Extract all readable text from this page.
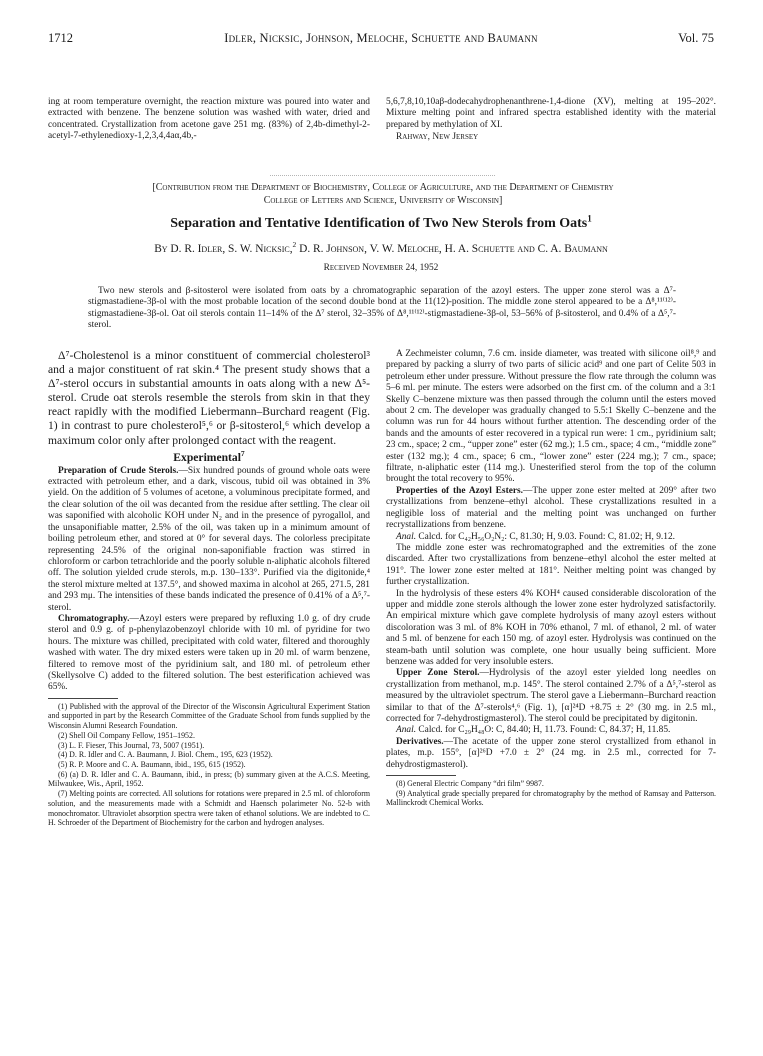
1712	Idler, Nicksic, Johnson, Meloche, Schuette and Baumann	Vol. 75

ing at room temperature overnight, the reaction mixture was poured into water and extracted with benzene. The benzene solution was washed with water, dried and concentrated. Crystallization from acetone gave 251 mg. (83%) of 2,4b-dimethyl-2-acetyl-7-ethylenedioxy-1,2,3,4,4aα,4b,-

5,6,7,8,10,10aβ-dodecahydrophenanthrene-1,4-dione (XV), melting at 195–202°. Mixture melting point and infrared spectra established identity with the material prepared by methylation of XI.

Rahway, New Jersey
[Contribution from the Department of Biochemistry, College of Agriculture, and the Department of Chemistry
College of Letters and Science, University of Wisconsin]
Separation and Tentative Identification of Two New Sterols from Oats$^1$
By D. R. Idler, S. W. Nicksic,$^2$ D. R. Johnson, V. W. Meloche, H. A. Schuette and C. A. Baumann
Received November 24, 1952
Two new sterols and β-sitosterol were isolated from oats by a chromatographic separation of the azoyl esters. The upper zone sterol was a Δ⁷-stigmastadiene-3β-ol with the most probable location of the second double bond at the 11(12)-position. The middle zone sterol appeared to be a Δ⁸,¹¹⁽¹²⁾-stigmastadiene-3β-ol. Oat oil sterols contain 11–14% of the Δ⁷ sterol, 32–35% of Δ⁸,¹¹⁽¹²⁾-stigmastadiene-3β-ol, 53–56% of β-sitosterol, and 0.4% of a Δ⁵,⁷-sterol.

Δ⁷-Cholestenol is a minor constituent of commercial cholesterol³ and a major constituent of rat skin.⁴ The present study shows that a Δ⁷-sterol occurs in substantial amounts in oats along with a new Δ⁵-sterol. Crude oat sterols resemble the sterols from skin in that they react rapidly with the modified Liebermann–Burchard reagent (Fig. 1) in contrast to pure cholesterol⁵,⁶ or β-sitosterol,⁶ which develop a maximum color only after prolonged contact with the reagent.

Experimental$^7$

Preparation of Crude Sterols.—Six hundred pounds of ground whole oats were extracted with petroleum ether, and a dark, viscous, tubid oil was obtained in 3% yield. On the addition of 5 volumes of acetone, a voluminous precipitate formed, and the clear solution of the oil was decanted from the residue after settling. The clear oil was saponified with alcoholic KOH under N₂ and in the presence of pyrogallol, and the unsaponifiable matter, 2.5% of the oil, was taken up in a minimum amount of boiling petroleum ether, and stored at 0° for several days. The colorless precipitate representing 24.5% of the original non-saponifiable fraction was stirred in chloroform or carbon tetrachloride and the poorly soluble n-aliphatic alcohols filtered off. The solution yielded crude sterols, m.p. 130–133°. Purified via the digitonide,⁴ the sterol mixture melted at 137.5°, and showed maxima in alcohol at 265, 271.5, 281 and 293 mμ. The intensities of these bands indicated the presence of 0.41% of a Δ⁵,⁷-sterol.

Chromatography.—Azoyl esters were prepared by refluxing 1.0 g. of dry crude sterol and 0.9 g. of p-phenylazobenzoyl chloride with 10 ml. of pyridine for two hours. The mixture was chilled, precipitated with cold water, filtered and thoroughly washed with water. The dry mixed esters were taken up in 20 ml. of warm benzene, filtered to remove most of the pyridinium salt, and 180 ml. of petroleum ether (Skellysolve C) added to the filtered solution. The best esterification achieved was 65%.

(1) Published with the approval of the Director of the Wisconsin Agricultural Experiment Station and supported in part by the Research Committee of the Graduate School from funds supplied by the Wisconsin Alumni Research Foundation.

(2) Shell Oil Company Fellow, 1951–1952.

(3) L. F. Fieser, This Journal, 73, 5007 (1951).

(4) D. R. Idler and C. A. Baumann, J. Biol. Chem., 195, 623 (1952).

(5) R. P. Moore and C. A. Baumann, ibid., 195, 615 (1952).

(6) (a) D. R. Idler and C. A. Baumann, ibid., in press; (b) summary given at the A.C.S. Meeting, Milwaukee, Wis., April, 1952.

(7) Melting points are corrected. All solutions for rotations were prepared in 2.5 ml. of chloroform solution, and the measurements made with a Schmidt and Haensch polarimeter No. 52-b with monochromator. Ultraviolet absorption spectra were taken of ethanol solutions. We are indebted to C. H. Schroeder of the Department of Biochemistry for the carbon and hydrogen analyses.

A Zechmeister column, 7.6 cm. inside diameter, was treated with silicone oil⁸,⁹ and prepared by packing a slurry of two parts of silicic acid⁹ and one part of Celite 503 in petroleum ether under pressure. Without pressure the flow rate through the column was 5–6 ml. per minute. The esters were adsorbed on the first cm. of the column and a 3:1 Skelly C–benzene mixture was then passed through the column until the esters moved about 2 cm. The developer was gradually changed to 5.5:1 Skelly C–benzene and the column was run for 44 hours without further attention. The descending order of the bands and the amounts of ester recovered in a typical run were: 1 cm., pyridinium salt; 23 cm., space; 2 cm., “upper zone” ester (62 mg.); 1.5 cm., space; 4 cm., “middle zone” ester (132 mg.); 4 cm., space; 6 cm., “lower zone” ester (224 mg.); 7 cm., space; filtrate, n-aliphatic ester (114 mg.). Unesterified sterol from the top of the column brought the total recovery to 95%.

Properties of the Azoyl Esters.—The upper zone ester melted at 209° after two crystallizations from benzene–ethyl alcohol. These crystallizations resulted in a negligible loss of material and the melting point was unchanged on further recrystallizations from benzene.

Anal. Calcd. for C₄₂H₅₆O₂N₂: C, 81.30; H, 9.03. Found: C, 81.02; H, 9.12.

The middle zone ester was rechromatographed and the extremities of the zone discarded. After two crystallizations from benzene–ethyl alcohol the ester melted at 191°. The lower zone ester melted at 181°. Neither melting point was changed by further crystallization.

In the hydrolysis of these esters 4% KOH⁴ caused considerable discoloration of the upper and middle zone sterols although the lower zone ester hydrolyzed satisfactorily. An empirical mixture which gave complete hydrolysis of many azoyl esters without discoloration was 3 ml. of 8% KOH in 70% ethanol, 7 ml. of ethanol, 2 ml. of water and 5 ml. of benzene for each 150 mg. of azoyl ester. Hydrolysis was continued on the steam-bath until solution was complete, one hour usually being sufficient. More benzene was added for very insoluble esters.

Upper Zone Sterol.—Hydrolysis of the azoyl ester yielded long needles on crystallization from methanol, m.p. 145°. The sterol contained 2.7% of a Δ⁵,⁷-sterol as measured by the ultraviolet spectrum. The sterol gave a Liebermann–Burchard reaction similar to that of the Δ⁷-sterols⁴,⁶ (Fig. 1), [α]²⁴D +8.75 ± 2° (30 mg. in 2.5 ml., corrected for 7-dehydrostigmasterol). The sterol could be precipitated by digitonin.

Anal. Calcd. for C₂₉H₄₈O: C, 84.40; H, 11.73. Found: C, 84.37; H, 11.85.

Derivatives.—The acetate of the upper zone sterol crystallized from ethanol in plates, m.p. 155°, [α]²⁶D +7.0 ± 2° (24 mg. in 2.5 ml., corrected for 7-dehydrostigmasterol).

(8) General Electric Company “dri film” 9987.

(9) Analytical grade specially prepared for chromatography by the method of Ramsay and Patterson. Mallinckrodt Chemical Works.
